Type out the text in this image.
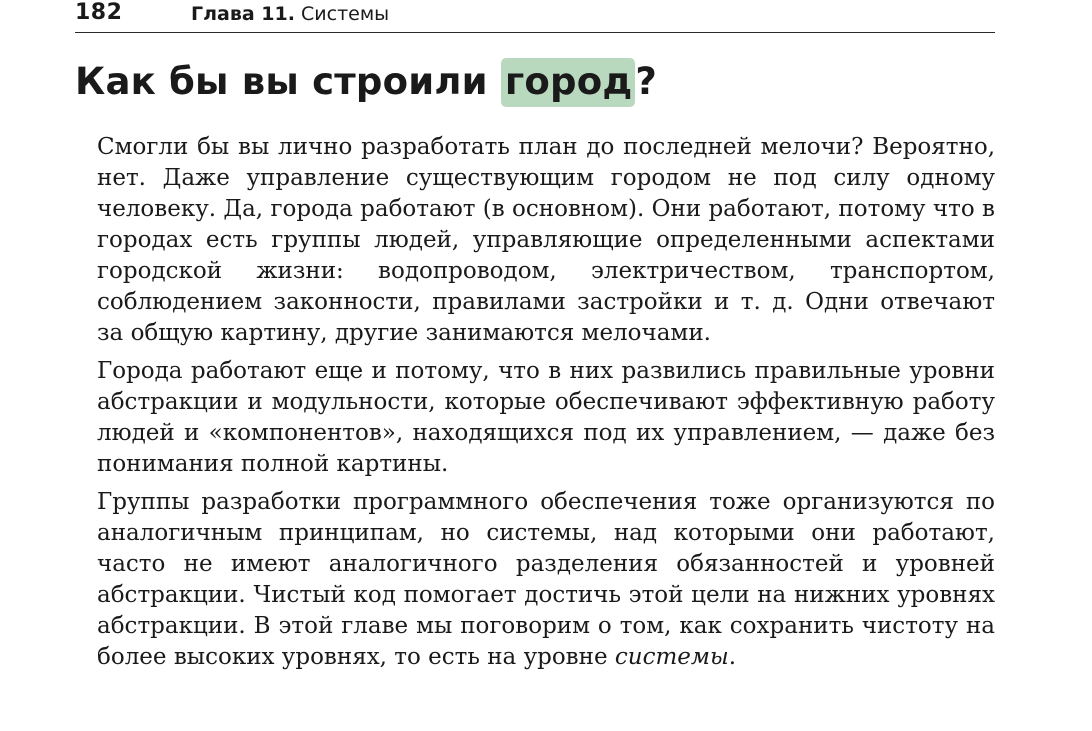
182	Глава 11. Системы
Как бы вы строили город?

Смогли бы вы лично разработать план до последней мелочи? Вероятно, нет. Даже управление существующим городом не под силу одному человеку. Да, города работают (в основном). Они работают, потому что в городах есть группы людей, управляющие определенными аспектами городской жизни: водопроводом, электричеством, транспортом, соблюдением законности, правилами застройки и т. д. Одни отвечают за общую картину, другие занимаются мелочами.

Города работают еще и потому, что в них развились правильные уровни абстракции и модульности, которые обеспечивают эффективную работу людей и «компонентов», находящихся под их управлением, — даже без понимания полной картины.

Группы разработки программного обеспечения тоже организуются по аналогичным принципам, но системы, над которыми они работают, часто не имеют аналогичного разделения обязанностей и уровней абстракции. Чистый код помогает достичь этой цели на нижних уровнях абстракции. В этой главе мы поговорим о том, как сохранить чистоту на более высоких уровнях, то есть на уровне системы.
